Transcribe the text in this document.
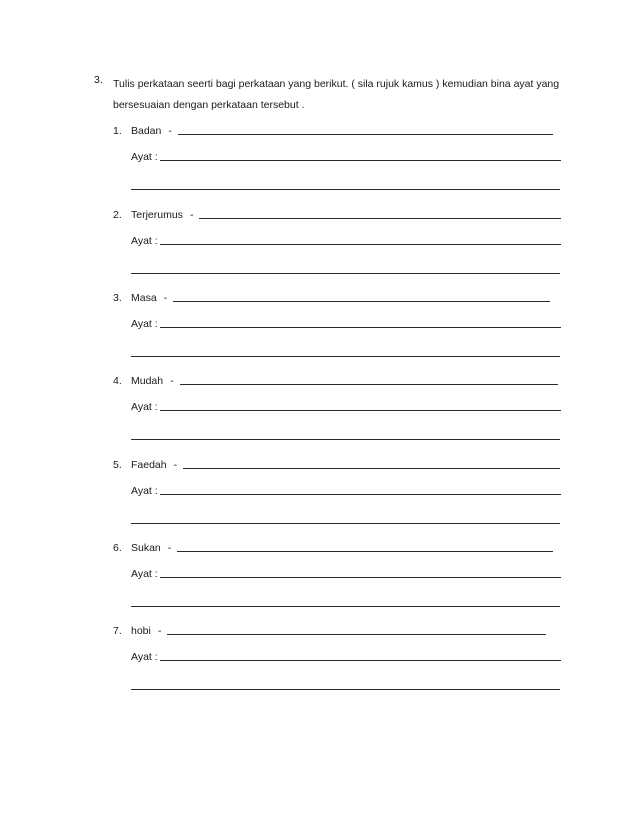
3. Tulis perkataan seerti bagi perkataan yang berikut. ( sila rujuk kamus ) kemudian bina ayat yang bersesuaian dengan perkataan tersebut .
1. Badan -
Ayat :
2. Terjerumus -
Ayat :
3. Masa -
Ayat :
4. Mudah -
Ayat :
5. Faedah -
Ayat :
6. Sukan -
Ayat :
7. hobi -
Ayat :
